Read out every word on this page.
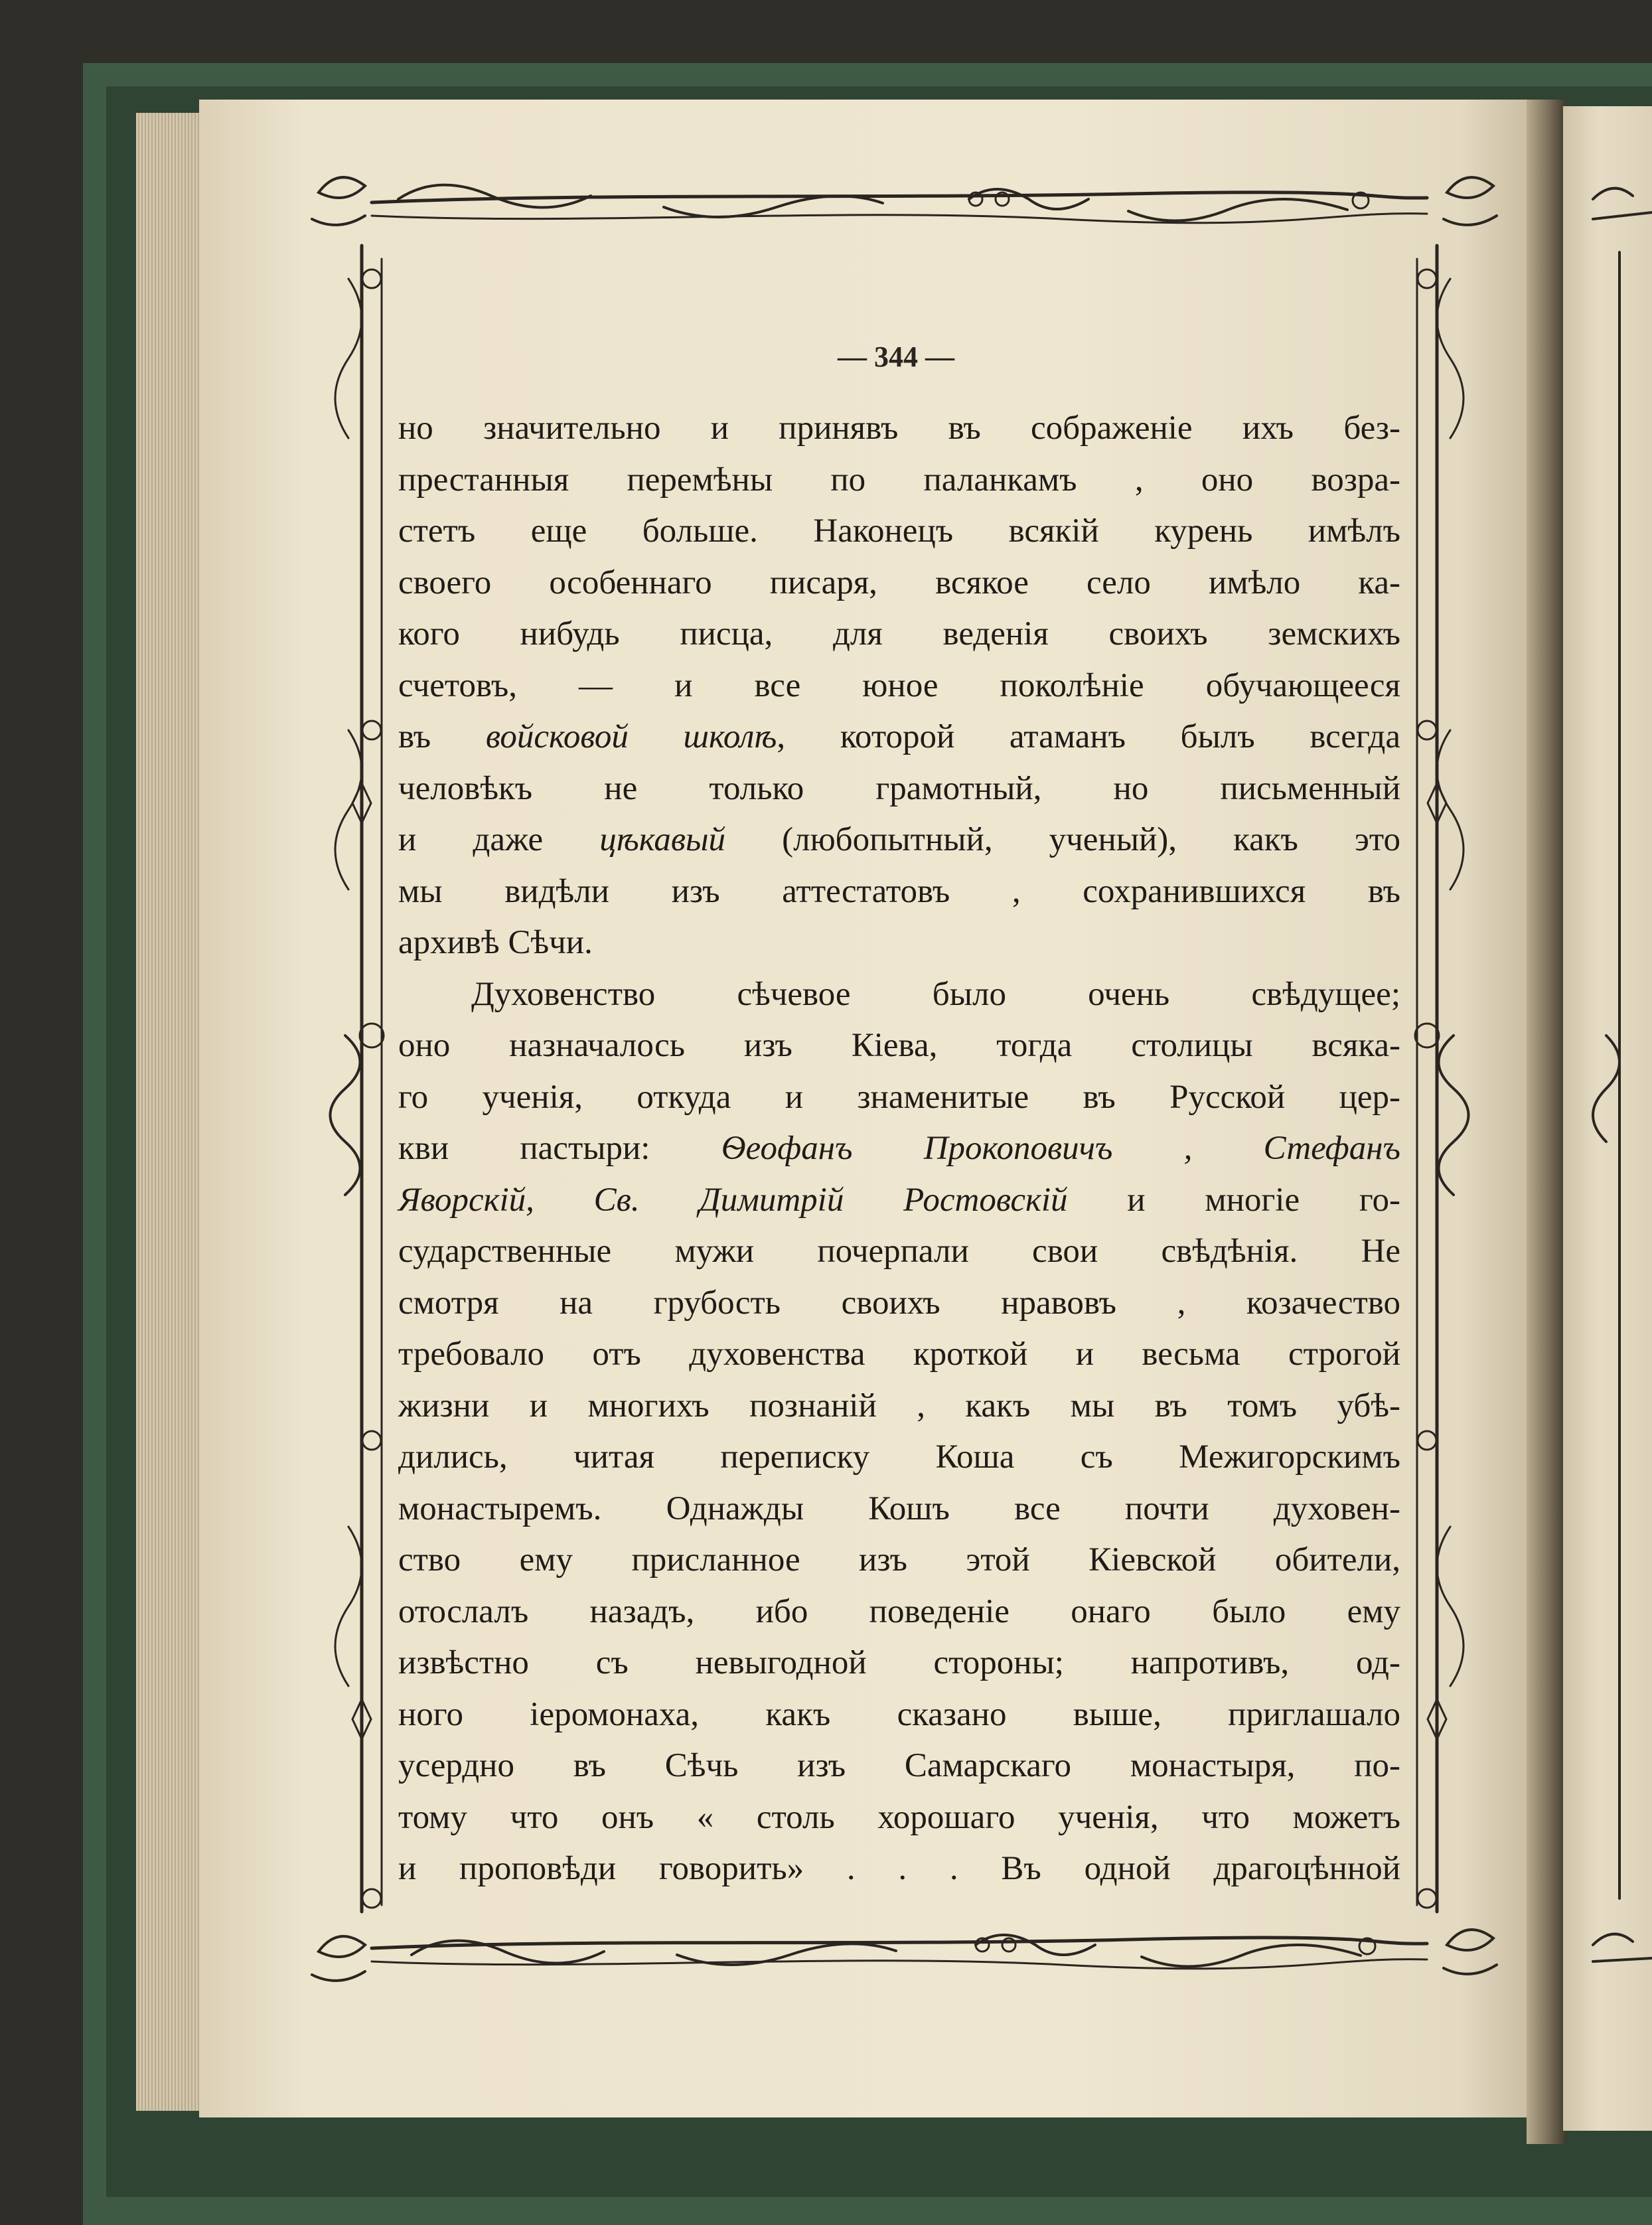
— 344 —
но значительно и принявъ въ сображеніе ихъ без-
престанныя перемѣны по паланкамъ , оно возра-
стетъ еще больше. Наконецъ всякій курень имѣлъ
своего особеннаго писаря, всякое село имѣло ка-
кого нибудь писца, для веденія своихъ земскихъ
счетовъ, — и все юное поколѣніе обучающееся
въ войсковой школѣ, которой атаманъ былъ всегда
человѣкъ не только грамотный, но письменный
и даже цѣкавый (любопытный, ученый), какъ это
мы видѣли изъ аттестатовъ , сохранившихся въ
архивѣ Сѣчи.
Духовенство сѣчевое было очень свѣдущее;
оно назначалось изъ Кіева, тогда столицы всяка-
го ученія, откуда и знаменитые въ Русской цер-
кви пастыри: Ѳеофанъ Прокоповичъ , Стефанъ
Яворскій, Св. Димитрій Ростовскій и многіе го-
сударственные мужи почерпали свои свѣдѣнія. Не
смотря на грубость своихъ нравовъ , козачество
требовало отъ духовенства кроткой и весьма строгой
жизни и многихъ познаній , какъ мы въ томъ убѣ-
дились, читая переписку Коша съ Межигорскимъ
монастыремъ. Однажды Кошъ все почти духовен-
ство ему присланное изъ этой Кіевской обители,
отослалъ назадъ, ибо поведеніе онаго было ему
извѣстно съ невыгодной стороны; напротивъ, од-
ного іеромонаха, какъ сказано выше, приглашало
усердно въ Сѣчь изъ Самарскаго монастыря, по-
тому что онъ « столь хорошаго ученія, что можетъ
и проповѣди говорить» . . . Въ одной драгоцѣнной
